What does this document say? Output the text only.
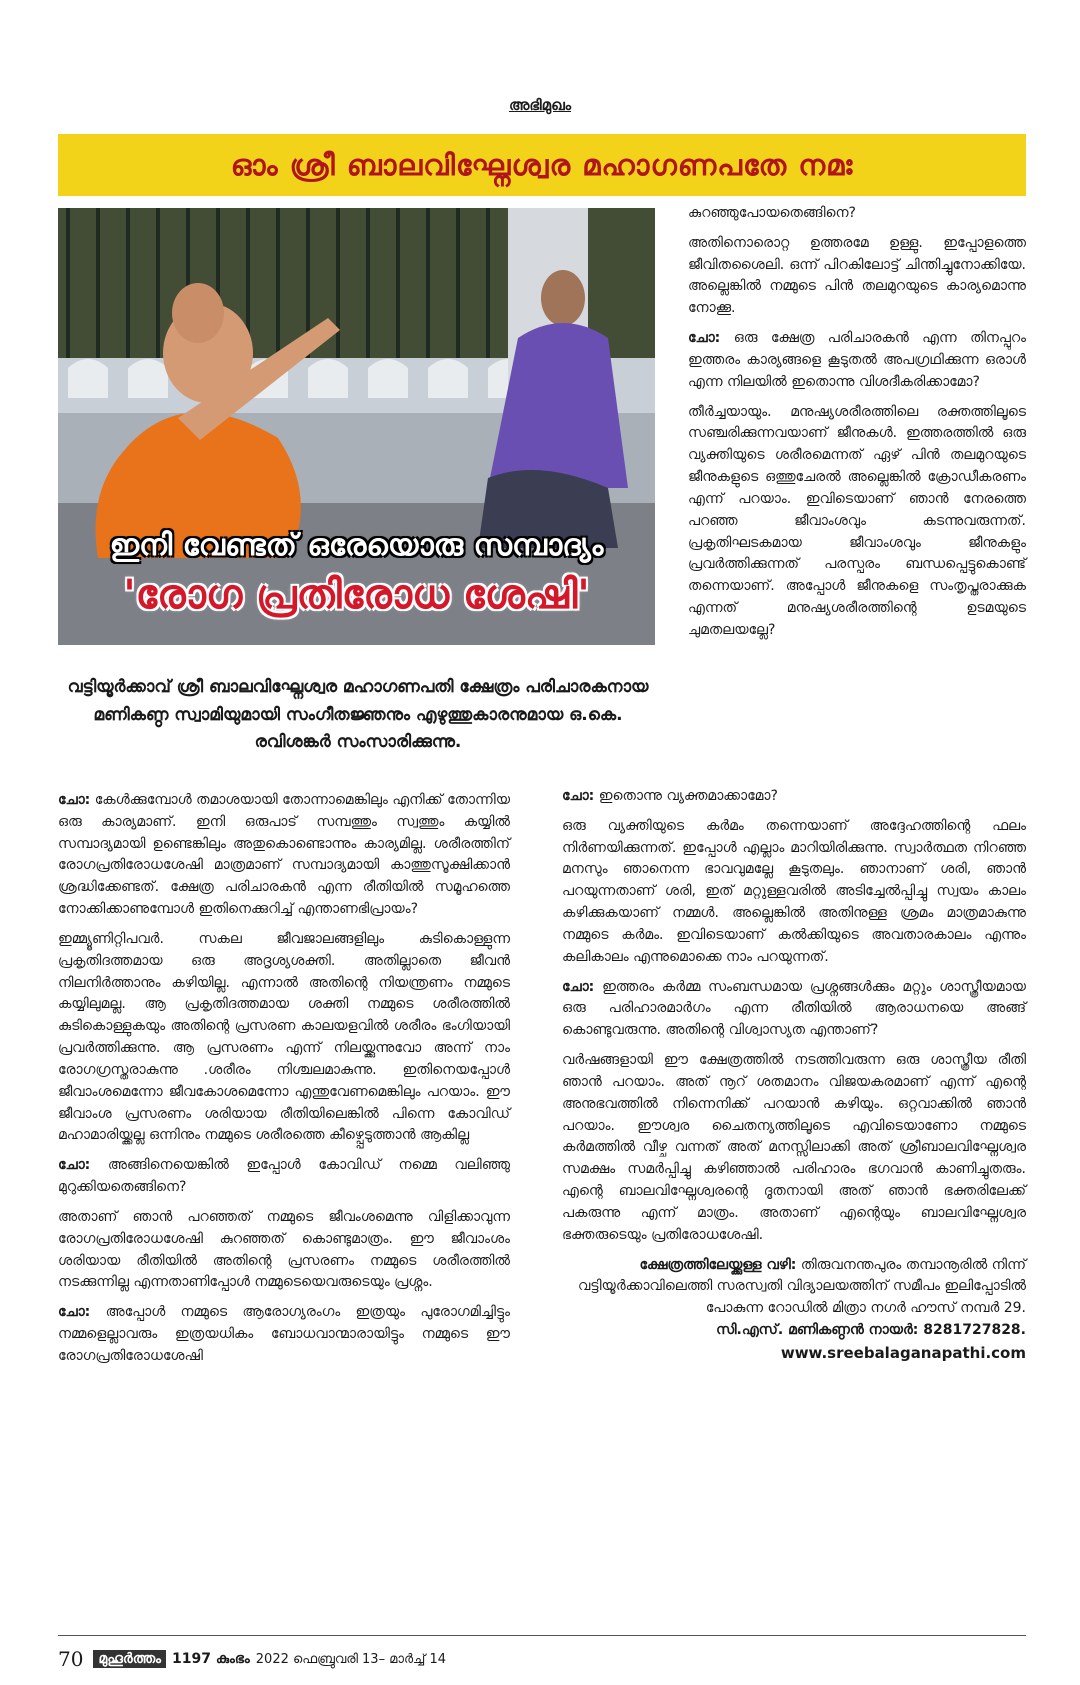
അഭിമുഖം
ഓം ശ്രീ ബാലവിഘ്നേശ്വര മഹാഗണപതേ നമഃ
ഇനി വേണ്ടത് ഒരേയൊരു സമ്പാദ്യം
'രോഗ പ്രതിരോധ ശേഷി'
വട്ടിയൂർക്കാവ് ശ്രീ ബാലവിഘ്നേശ്വര മഹാഗണപതി ക്ഷേത്രം പരിചാരകനായ മണികണ്ഠ സ്വാമിയുമായി സംഗീതജ്ഞനും എഴുത്തുകാരനുമായ ഒ.കെ. രവിശങ്കർ സംസാരിക്കുന്നു.

കുറഞ്ഞുപോയതെങ്ങിനെ?

അതിനൊരൊറ്റ ഉത്തരമേ ഉള്ളു. ഇപ്പോളത്തെ ജീവിതശൈലി. ഒന്ന് പിറകിലോട്ട് ചിന്തിച്ചുനോക്കിയേ. അല്ലെങ്കിൽ നമ്മുടെ പിൻ തലമുറയുടെ കാര്യമൊന്നു നോക്കൂ.

ചോ: ഒരു ക്ഷേത്ര പരിചാരകൻ എന്ന തിനപ്പുറം ഇത്തരം കാര്യങ്ങളെ കൂടുതൽ അപഗ്രഥിക്കുന്ന ഒരാൾ എന്ന നിലയിൽ ഇതൊന്നു വിശദീകരിക്കാമോ?

തീർച്ചയായും. മനുഷ്യശരീരത്തിലെ രക്തത്തിലൂടെ സഞ്ചരിക്കുന്നവയാണ് ജീനുകൾ. ഇത്തരത്തിൽ ഒരു വ്യക്തിയുടെ ശരീരമെന്നത് ഏഴ് പിൻ തലമുറയുടെ ജീനുകളുടെ ഒത്തുചേരൽ അല്ലെങ്കിൽ ക്രോഡീകരണം എന്ന് പറയാം. ഇവിടെയാണ് ഞാൻ നേരത്തെ പറഞ്ഞ ജീവാംശവും കടന്നുവരുന്നത്. പ്രകൃതിഘടകമായ ജീവാംശവും ജീനുകളും പ്രവർത്തിക്കുന്നത് പരസ്പരം ബന്ധപ്പെട്ടുകൊണ്ട് തന്നെയാണ്. അപ്പോൾ ജീനുകളെ സംതൃപ്തരാക്കുക എന്നത് മനുഷ്യശരീരത്തിന്റെ ഉടമയുടെ ചുമതലയല്ലേ?

ചോ: കേൾക്കുമ്പോൾ തമാശയായി തോന്നാമെങ്കിലും എനിക്ക് തോന്നിയ ഒരു കാര്യമാണ്. ഇനി ഒരുപാട് സമ്പത്തും സ്വത്തും കയ്യിൽ സമ്പാദ്യമായി ഉണ്ടെങ്കിലും അതുകൊണ്ടൊന്നും കാര്യമില്ല. ശരീരത്തിന് രോഗപ്രതിരോധശേഷി മാത്രമാണ് സമ്പാദ്യമായി കാത്തുസൂക്ഷിക്കാൻ ശ്രദ്ധിക്കേണ്ടത്. ക്ഷേത്ര പരിചാരകൻ എന്ന രീതിയിൽ സമൂഹത്തെ നോക്കിക്കാണുമ്പോൾ ഇതിനെക്കുറിച്ച് എന്താണഭിപ്രായം?

ഇമ്മ്യൂണിറ്റിപവർ. സകല ജീവജാലങ്ങളിലും കുടികൊള്ളുന്ന പ്രകൃതിദത്തമായ ഒരു അദൃശ്യശക്തി. അതില്ലാതെ ജീവൻ നിലനിർത്താനും കഴിയില്ല. എന്നാൽ അതിന്റെ നിയന്ത്രണം നമ്മുടെ കയ്യിലുമല്ല. ആ പ്രകൃതിദത്തമായ ശക്തി നമ്മുടെ ശരീരത്തിൽ കുടികൊള്ളുകയും അതിന്റെ പ്രസരണ കാലയളവിൽ ശരീരം ഭംഗിയായി പ്രവർത്തിക്കുന്നു. ആ പ്രസരണം എന്ന് നിലയ്ക്കുന്നുവോ അന്ന് നാം രോഗഗ്രസ്തരാകുന്നു .ശരീരം നിശ്ചലമാകുന്നു. ഇതിനെയപ്പോൾ ജീവാംശമെന്നോ ജീവകോശമെന്നോ എന്തുവേണമെങ്കിലും പറയാം. ഈ ജീവാംശ പ്രസരണം ശരിയായ രീതിയിലെങ്കിൽ പിന്നെ കോവിഡ് മഹാമാരിയ്ക്കല്ല ഒന്നിനും നമ്മുടെ ശരീരത്തെ കീഴ്പ്പെടുത്താൻ ആകില്ല

ചോ: അങ്ങിനെയെങ്കിൽ ഇപ്പോൾ കോവിഡ് നമ്മെ വലിഞ്ഞു മുറുക്കിയതെങ്ങിനെ?

അതാണ് ഞാൻ പറഞ്ഞത് നമ്മുടെ ജീവംശമെന്നു വിളിക്കാവുന്ന രോഗപ്രതിരോധശേഷി കുറഞ്ഞത് കൊണ്ടുമാത്രം. ഈ ജീവാംശം ശരിയായ രീതിയിൽ അതിന്റെ പ്രസരണം നമ്മുടെ ശരീരത്തിൽ നടക്കുന്നില്ല എന്നതാണിപ്പോൾ നമ്മുടെയെവരുടെയും പ്രശ്നം.

ചോ: അപ്പോൾ നമ്മുടെ ആരോഗ്യരംഗം ഇത്രയും പുരോഗമിച്ചിട്ടും നമ്മളെല്ലാവരും ഇത്രയധികം ബോധവാന്മാരായിട്ടും നമ്മുടെ ഈ രോഗപ്രതിരോധശേഷി

ചോ: ഇതൊന്നു വ്യക്തമാക്കാമോ?

ഒരു വ്യക്തിയുടെ കർമം തന്നെയാണ് അദ്ദേഹത്തിന്റെ ഫലം നിർണയിക്കുന്നത്. ഇപ്പോൾ എല്ലാം മാറിയിരിക്കുന്നു. സ്വാർത്ഥത നിറഞ്ഞ മനസും ഞാനെന്ന ഭാവവുമല്ലേ കൂടുതലും. ഞാനാണ് ശരി, ഞാൻ പറയുന്നതാണ് ശരി, ഇത് മറ്റുള്ളവരിൽ അടിച്ചേൽപ്പിച്ചു സ്വയം കാലം കഴിക്കുകയാണ് നമ്മൾ. അല്ലെങ്കിൽ അതിനുള്ള ശ്രമം മാത്രമാകുന്നു നമ്മുടെ കർമം. ഇവിടെയാണ് കൽക്കിയുടെ അവതാരകാലം എന്നും കലികാലം എന്നുമൊക്കെ നാം പറയുന്നത്.

ചോ: ഇത്തരം കർമ്മ സംബന്ധമായ പ്രശ്നങ്ങൾക്കും മറ്റും ശാസ്ത്രീയമായ ഒരു പരിഹാരമാർഗം എന്ന രീതിയിൽ ആരാധനയെ അങ്ങ് കൊണ്ടുവരുന്നു. അതിന്റെ വിശ്വാസ്യത എന്താണ്?

വർഷങ്ങളായി ഈ ക്ഷേത്രത്തിൽ നടത്തിവരുന്ന ഒരു ശാസ്ത്രീയ രീതി ഞാൻ പറയാം. അത് നൂറ് ശതമാനം വിജയകരമാണ് എന്ന് എന്റെ അനുഭവത്തിൽ നിന്നെനിക്ക് പറയാൻ കഴിയും. ഒറ്റവാക്കിൽ ഞാൻ പറയാം. ഈശ്വര ചൈതന്യത്തിലൂടെ എവിടെയാണോ നമ്മുടെ കർമത്തിൽ വീഴ്ച വന്നത് അത് മനസ്സിലാക്കി അത് ശ്രീബാലവിഘ്നേശ്വര സമക്ഷം സമർപ്പിച്ചു കഴിഞ്ഞാൽ പരിഹാരം ഭഗവാൻ കാണിച്ചുതരും. എന്റെ ബാലവിഘ്നേശ്വരന്റെ ദൂതനായി അത് ഞാൻ ഭക്തരിലേക്ക് പകരുന്നു എന്ന് മാത്രം. അതാണ് എന്റെയും ബാലവിഘ്നേശ്വര ഭക്തരുടെയും പ്രതിരോധശേഷി.

ക്ഷേത്രത്തിലേയ്ക്കുള്ള വഴി: തിരുവനന്തപുരം തമ്പാനൂരിൽ നിന്ന് വട്ടിയൂർക്കാവിലെത്തി സരസ്വതി വിദ്യാലയത്തിന് സമീപം ഇലിപ്പോടിൽ പോകുന്ന റോഡിൽ മിത്രാ നഗർ ഹൗസ് നമ്പർ 29.
സി.എസ്. മണികണ്ഠൻ നായർ: 8281727828.
www.sreebalaganapathi.com
70	മുഹൂർത്തം 1197 കുംഭം 2022 ഫെബ്രുവരി 13– മാർച്ച് 14
